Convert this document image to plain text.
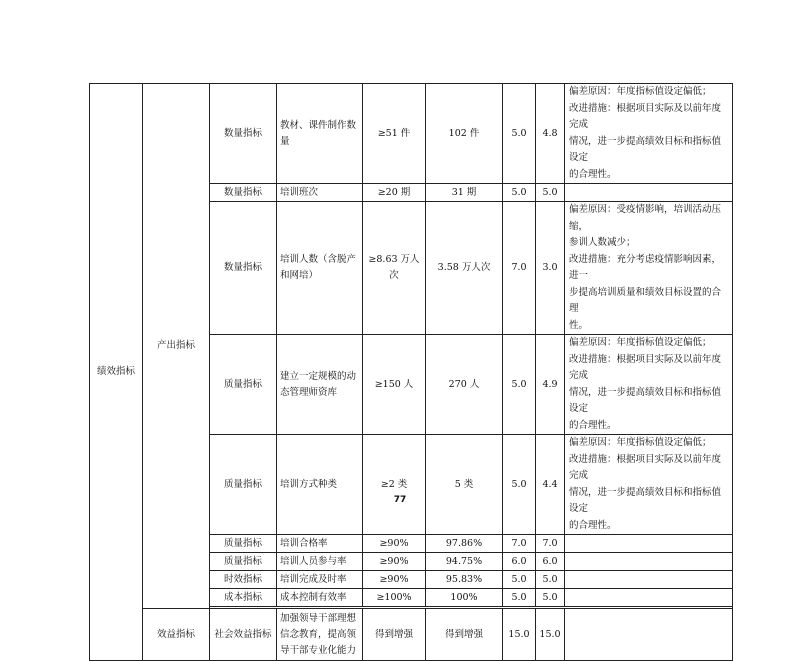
绩效指标	产出指标	数量指标	教材、课件制作数量	≥51 件	102 件	5.0	4.8	偏差原因：年度指标值设定偏低；
改进措施：根据项目实际及以前年度完成
情况，进一步提高绩效目标和指标值设定
的合理性。

		数量指标	培训班次	≥20 期	31 期	5.0	5.0	
		数量指标	培训人数（含脱产和网培）	≥8.63 万人次	3.58 万人次	7.0	3.0	偏差原因：受疫情影响，培训活动压缩，
参训人数减少；
改进措施：充分考虑疫情影响因素，进一
步提高培训质量和绩效目标设置的合理
性。

		质量指标	建立一定规模的动态管理师资库	≥150 人	270 人	5.0	4.9	偏差原因：年度指标值设定偏低；
改进措施：根据项目实际及以前年度完成
情况，进一步提高绩效目标和指标值设定
的合理性。

		质量指标	培训方式种类	≥2 类	5 类	5.0	4.4	偏差原因：年度指标值设定偏低；
改进措施：根据项目实际及以前年度完成
情况，进一步提高绩效目标和指标值设定
的合理性。

		质量指标	培训合格率	≥90%	97.86%	7.0	7.0	
		质量指标	培训人员参与率	≥90%	94.75%	6.0	6.0	
		时效指标	培训完成及时率	≥90%	95.83%	5.0	5.0	
		成本指标	成本控制有效率	≥100%	100%	5.0	5.0	

	效益指标	社会效益指标	加强领导干部理想信念教育，提高领导干部专业化能力	得到增强	得到增强	15.0	15.0	
77
